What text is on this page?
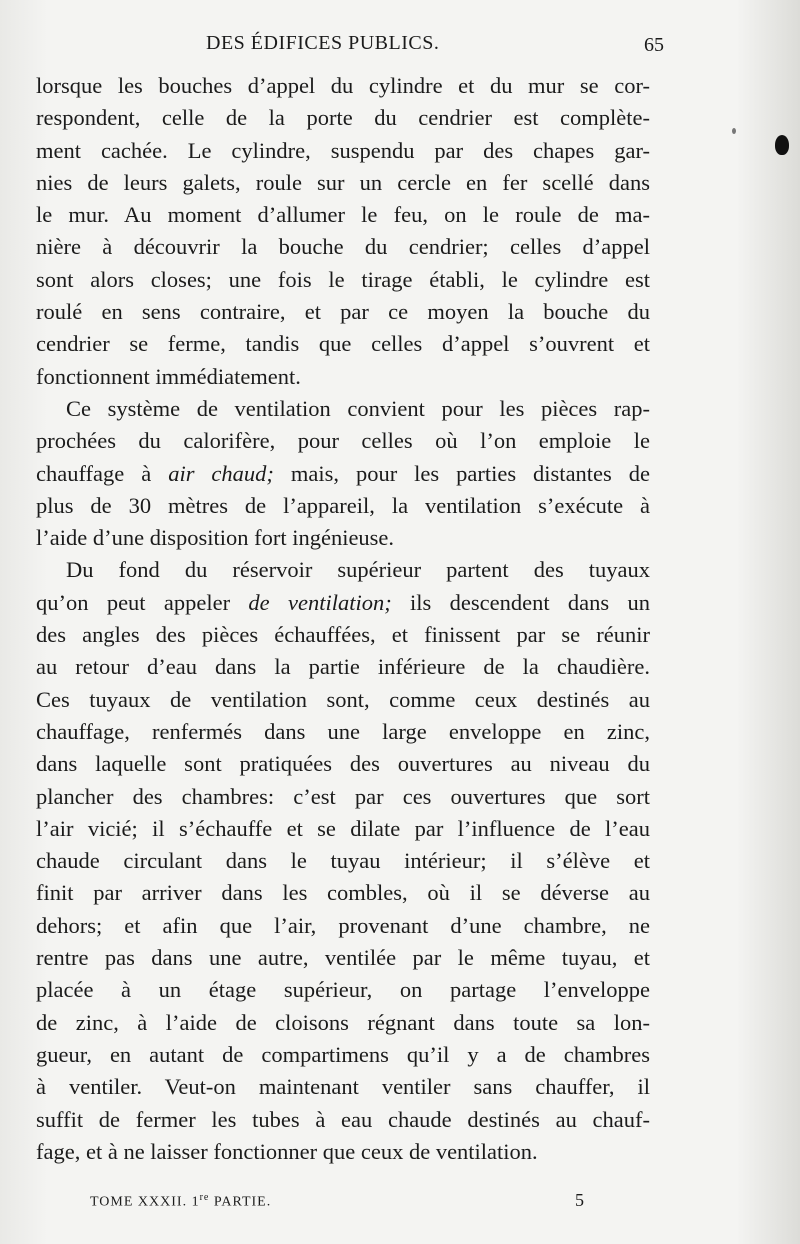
DES ÉDIFICES PUBLICS.	65
lorsque les bouches d’appel du cylindre et du mur se cor-
respondent, celle de la porte du cendrier est complète-
ment cachée. Le cylindre, suspendu par des chapes gar-
nies de leurs galets, roule sur un cercle en fer scellé dans
le mur. Au moment d’allumer le feu, on le roule de ma-
nière à découvrir la bouche du cendrier; celles d’appel
sont alors closes; une fois le tirage établi, le cylindre est
roulé en sens contraire, et par ce moyen la bouche du
cendrier se ferme, tandis que celles d’appel s’ouvrent et
fonctionnent immédiatement.
Ce système de ventilation convient pour les pièces rap-
prochées du calorifère, pour celles où l’on emploie le
chauffage à air chaud; mais, pour les parties distantes de
plus de 30 mètres de l’appareil, la ventilation s’exécute à
l’aide d’une disposition fort ingénieuse.
Du fond du réservoir supérieur partent des tuyaux
qu’on peut appeler de ventilation; ils descendent dans un
des angles des pièces échauffées, et finissent par se réunir
au retour d’eau dans la partie inférieure de la chaudière.
Ces tuyaux de ventilation sont, comme ceux destinés au
chauffage, renfermés dans une large enveloppe en zinc,
dans laquelle sont pratiquées des ouvertures au niveau du
plancher des chambres: c’est par ces ouvertures que sort
l’air vicié; il s’échauffe et se dilate par l’influence de l’eau
chaude circulant dans le tuyau intérieur; il s’élève et
finit par arriver dans les combles, où il se déverse au
dehors; et afin que l’air, provenant d’une chambre, ne
rentre pas dans une autre, ventilée par le même tuyau, et
placée à un étage supérieur, on partage l’enveloppe
de zinc, à l’aide de cloisons régnant dans toute sa lon-
gueur, en autant de compartimens qu’il y a de chambres
à ventiler. Veut-on maintenant ventiler sans chauffer, il
suffit de fermer les tubes à eau chaude destinés au chauf-
fage, et à ne laisser fonctionner que ceux de ventilation.
TOME XXXII. 1re PARTIE.	5
